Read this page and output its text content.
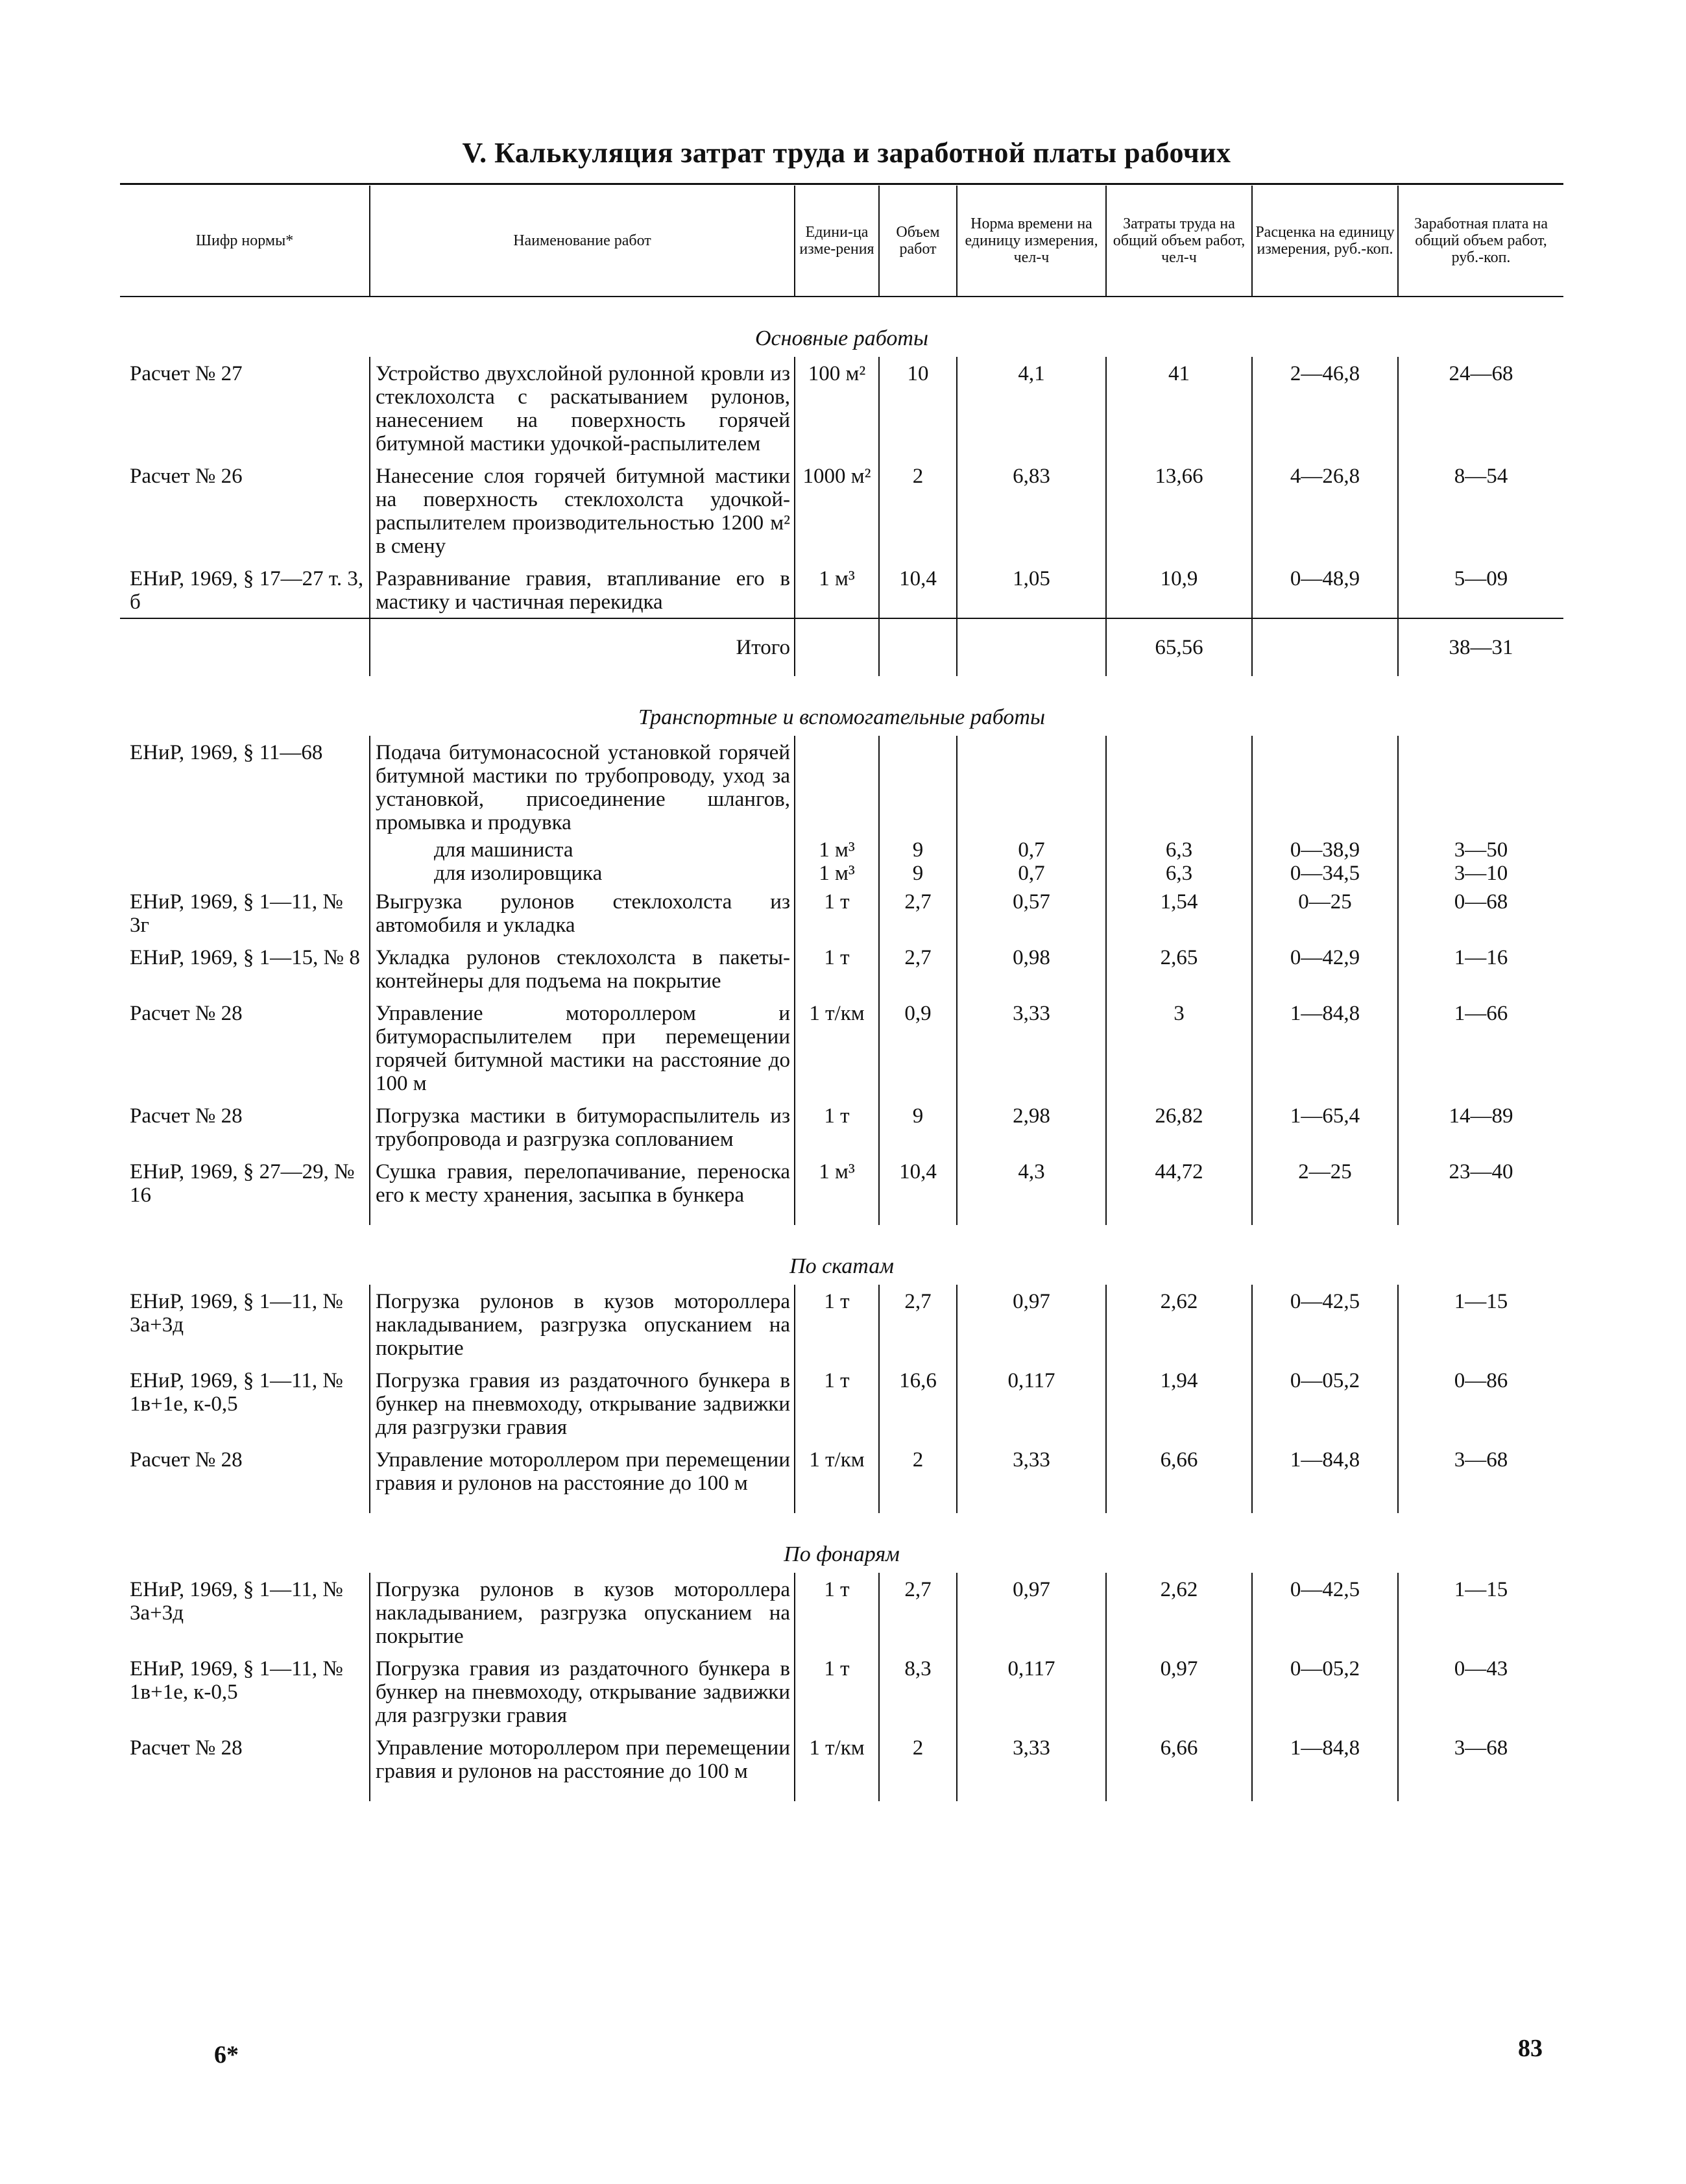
V. Калькуляция затрат труда и заработной платы рабочих
Шифр нормы*	Наименование работ	Едини-ца изме-рения	Объем работ	Норма времени на единицу измерения, чел-ч	Затраты труда на общий объем работ, чел-ч	Расценка на единицу измерения, руб.-коп.	Заработная плата на общий объем работ, руб.-коп.
Основные работы							
Расчет № 27	Устройство двухслойной рулонной кровли из стеклохолста с раскатыванием рулонов, нанесением на поверхность горячей битумной мастики удочкой-распылителем	100 м²	10	4,1	41	2—46,8	24—68
Расчет № 26	Нанесение слоя горячей битумной мастики на поверхность стеклохолста удочкой-распылителем производительностью 1200 м² в смену	1000 м²	2	6,83	13,66	4—26,8	8—54
ЕНиР, 1969, § 17—27 т. 3, б	Разравнивание гравия, втапливание его в мастику и частичная перекидка	1 м³	10,4	1,05	10,9	0—48,9	5—09
	Итого				65,56		38—31
Транспортные и вспомогательные работы							
ЕНиР, 1969, § 11—68	Подача битумонасосной установкой горячей битумной мастики по трубопроводу, уход за установкой, присоединение шлангов, промывка и продувка						
	для машиниста	1 м³	9	0,7	6,3	0—38,9	3—50
	для изолировщика	1 м³	9	0,7	6,3	0—34,5	3—10
ЕНиР, 1969, § 1—11, № 3г	Выгрузка рулонов стеклохолста из автомобиля и укладка	1 т	2,7	0,57	1,54	0—25	0—68
ЕНиР, 1969, § 1—15, № 8	Укладка рулонов стеклохолста в пакеты-контейнеры для подъема на покрытие	1 т	2,7	0,98	2,65	0—42,9	1—16
Расчет № 28	Управление мотороллером и битумораспылителем при перемещении горячей битумной мастики на расстояние до 100 м	1 т/км	0,9	3,33	3	1—84,8	1—66
Расчет № 28	Погрузка мастики в битумораспылитель из трубопровода и разгрузка соплованием	1 т	9	2,98	26,82	1—65,4	14—89
ЕНиР, 1969, § 27—29, № 16	Сушка гравия, перелопачивание, переноска его к месту хранения, засыпка в бункера	1 м³	10,4	4,3	44,72	2—25	23—40

По скатам							
ЕНиР, 1969, § 1—11, № 3а+3д	Погрузка рулонов в кузов мотороллера накладыванием, разгрузка опусканием на покрытие	1 т	2,7	0,97	2,62	0—42,5	1—15
ЕНиР, 1969, § 1—11, № 1в+1е, к-0,5	Погрузка гравия из раздаточного бункера в бункер на пневмоходу, открывание задвижки для разгрузки гравия	1 т	16,6	0,117	1,94	0—05,2	0—86
Расчет № 28	Управление мотороллером при перемещении гравия и рулонов на расстояние до 100 м	1 т/км	2	3,33	6,66	1—84,8	3—68

По фонарям							
ЕНиР, 1969, § 1—11, № 3а+3д	Погрузка рулонов в кузов мотороллера накладыванием, разгрузка опусканием на покрытие	1 т	2,7	0,97	2,62	0—42,5	1—15
ЕНиР, 1969, § 1—11, № 1в+1е, к-0,5	Погрузка гравия из раздаточного бункера в бункер на пневмоходу, открывание задвижки для разгрузки гравия	1 т	8,3	0,117	0,97	0—05,2	0—43
Расчет № 28	Управление мотороллером при перемещении гравия и рулонов на расстояние до 100 м	1 т/км	2	3,33	6,66	1—84,8	3—68

6*	83
